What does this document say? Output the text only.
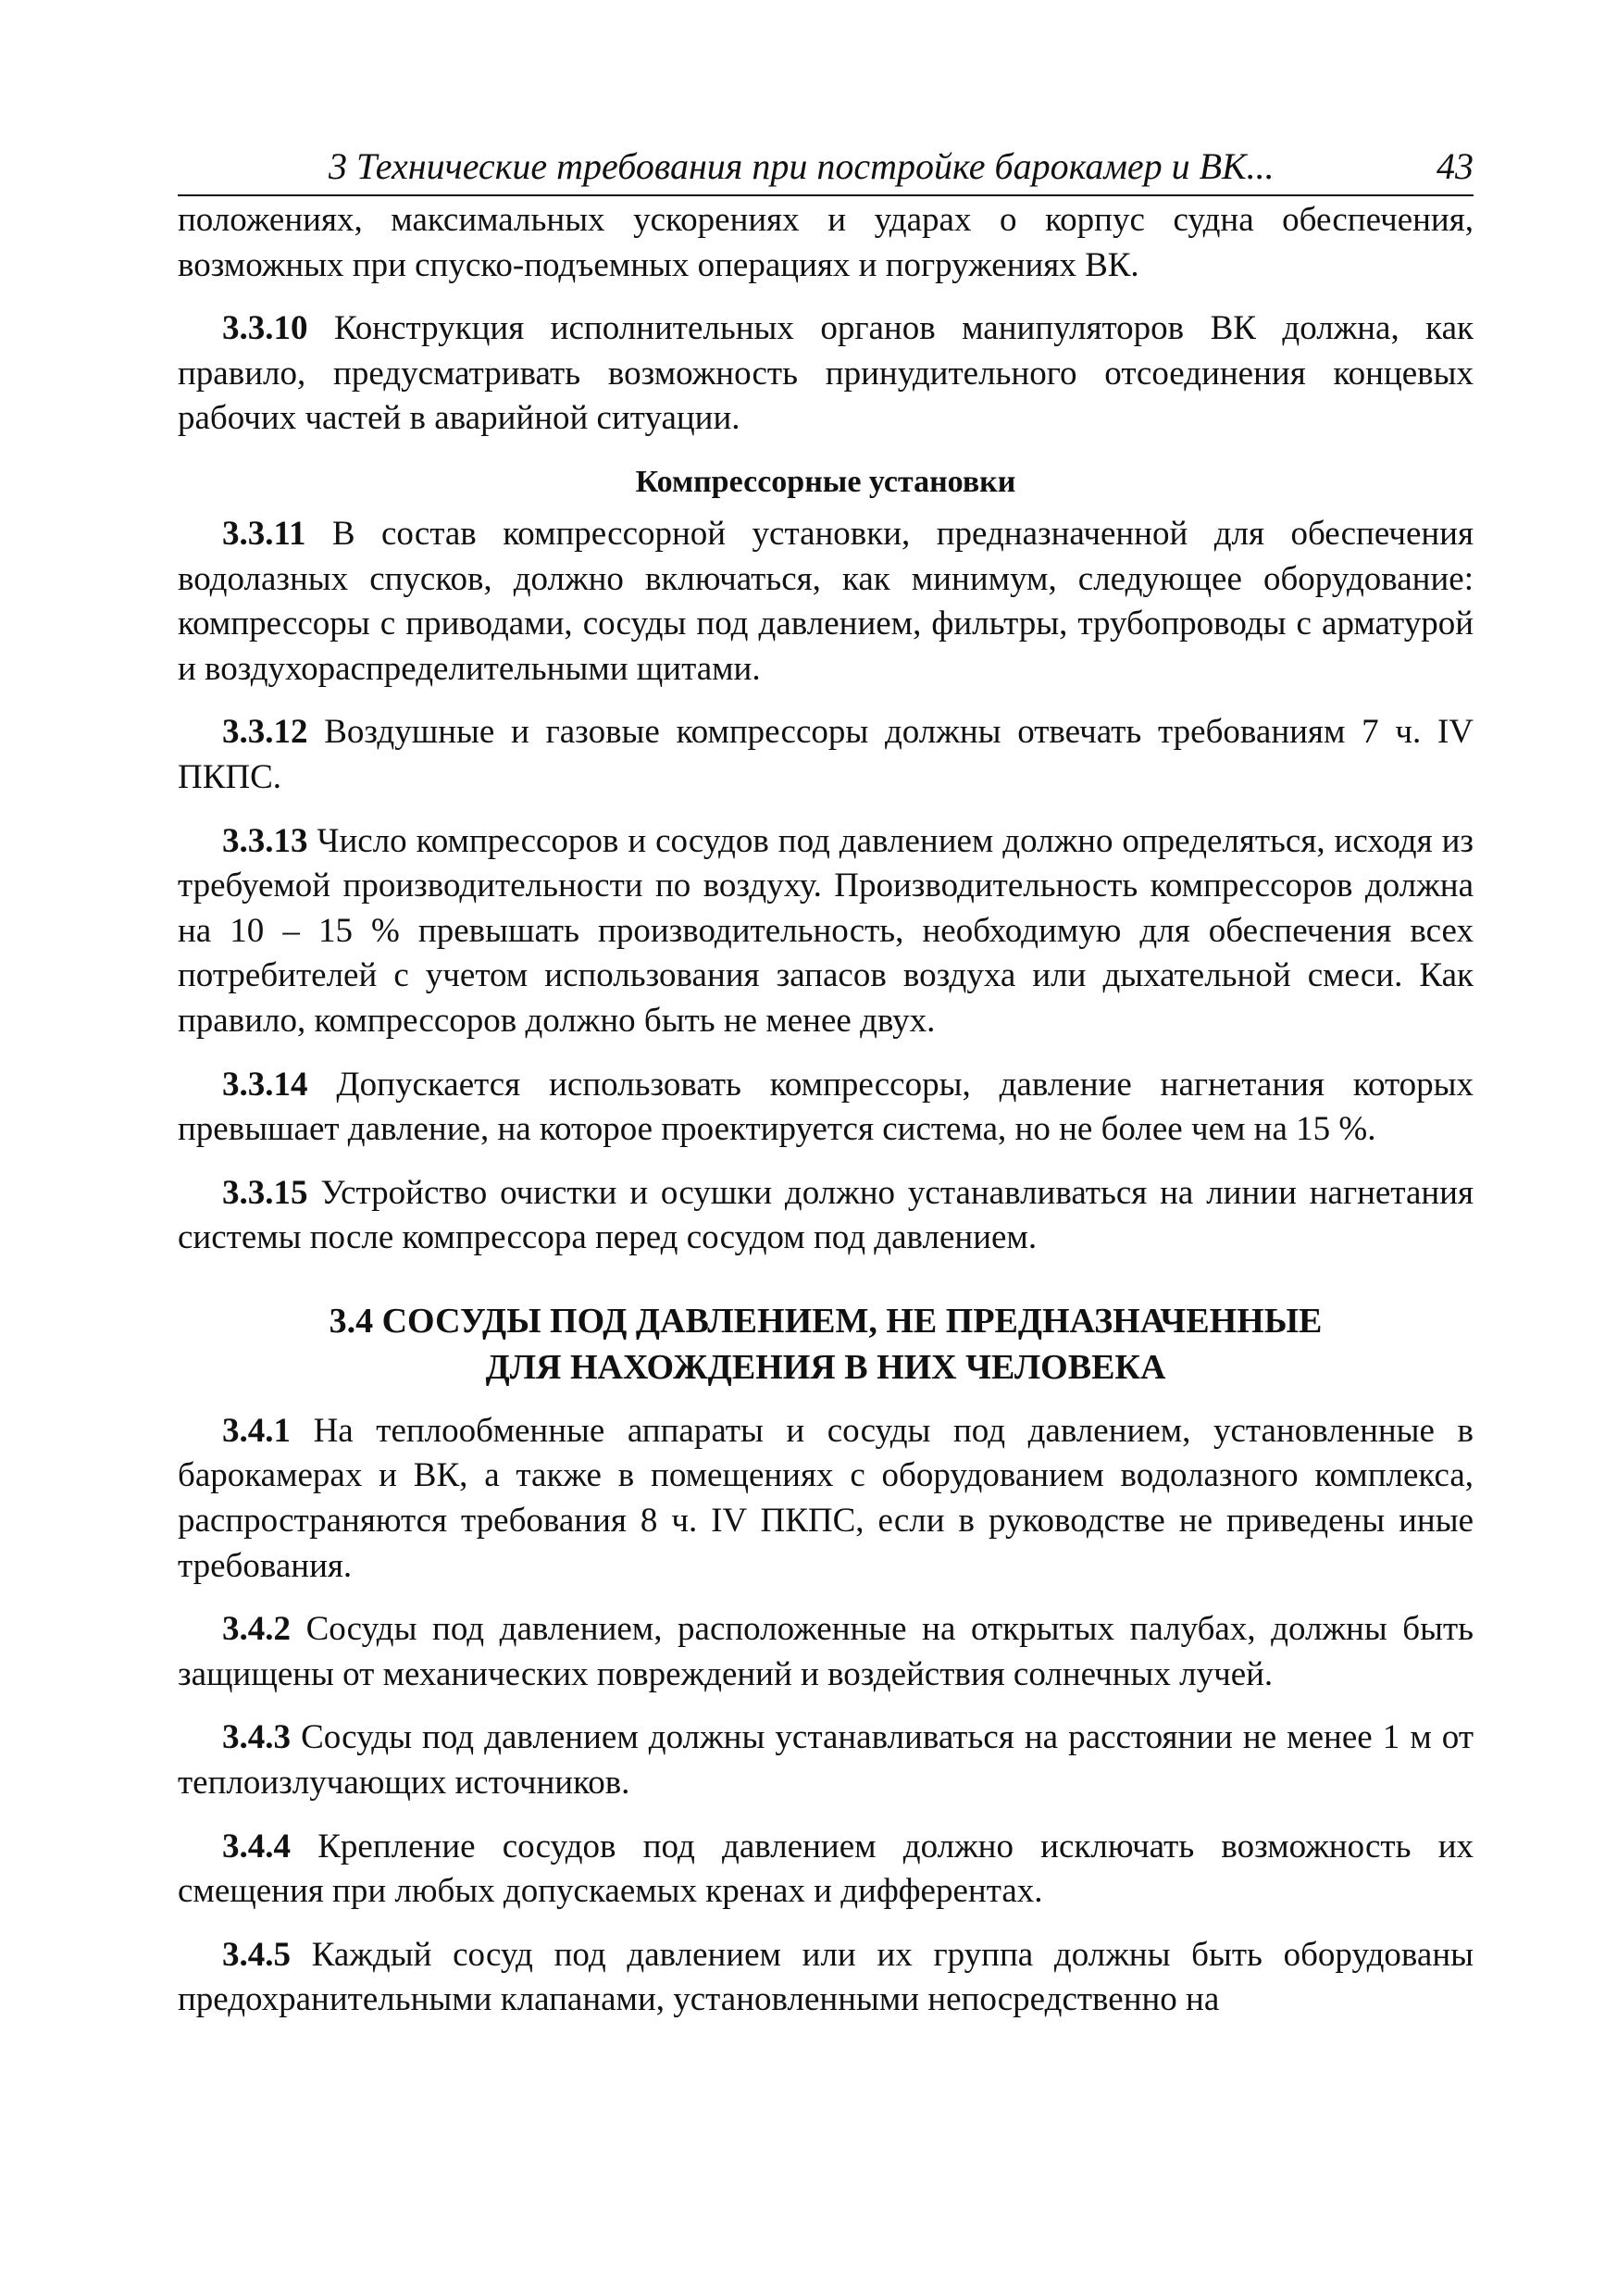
3 Технические требования при постройке барокамер и ВК...	43

положениях, максимальных ускорениях и ударах о корпус судна обеспечения, возможных при спуско-подъемных операциях и погружениях ВК.

3.3.10 Конструкция исполнительных органов манипуляторов ВК должна, как правило, предусматривать возможность принудительного отсоединения концевых рабочих частей в аварийной ситуации.

Компрессорные установки

3.3.11 В состав компрессорной установки, предназначенной для обеспечения водолазных спусков, должно включаться, как минимум, следующее оборудование: компрессоры с приводами, сосуды под давлением, фильтры, трубопроводы с арматурой и воздухораспределительными щитами.

3.3.12 Воздушные и газовые компрессоры должны отвечать требованиям 7 ч. IV ПКПС.

3.3.13 Число компрессоров и сосудов под давлением должно определяться, исходя из требуемой производительности по воздуху. Производительность компрессоров должна на 10 – 15 % превышать производительность, необходимую для обеспечения всех потребителей с учетом использования запасов воздуха или дыхательной смеси. Как правило, компрессоров должно быть не менее двух.

3.3.14 Допускается использовать компрессоры, давление нагнетания которых превышает давление, на которое проектируется система, но не более чем на 15 %.

3.3.15 Устройство очистки и осушки должно устанавливаться на линии нагнетания системы после компрессора перед сосудом под давлением.

3.4 СОСУДЫ ПОД ДАВЛЕНИЕМ, НЕ ПРЕДНАЗНАЧЕННЫЕ
ДЛЯ НАХОЖДЕНИЯ В НИХ ЧЕЛОВЕКА

3.4.1 На теплообменные аппараты и сосуды под давлением, установленные в барокамерах и ВК, а также в помещениях с оборудованием водолазного комплекса, распространяются требования 8 ч. IV ПКПС, если в руководстве не приведены иные требования.

3.4.2 Сосуды под давлением, расположенные на открытых палубах, должны быть защищены от механических повреждений и воздействия солнечных лучей.

3.4.3 Сосуды под давлением должны устанавливаться на расстоянии не менее 1 м от теплоизлучающих источников.

3.4.4 Крепление сосудов под давлением должно исключать возможность их смещения при любых допускаемых кренах и дифферентах.

3.4.5 Каждый сосуд под давлением или их группа должны быть оборудованы предохранительными клапанами, установленными непосредственно на
